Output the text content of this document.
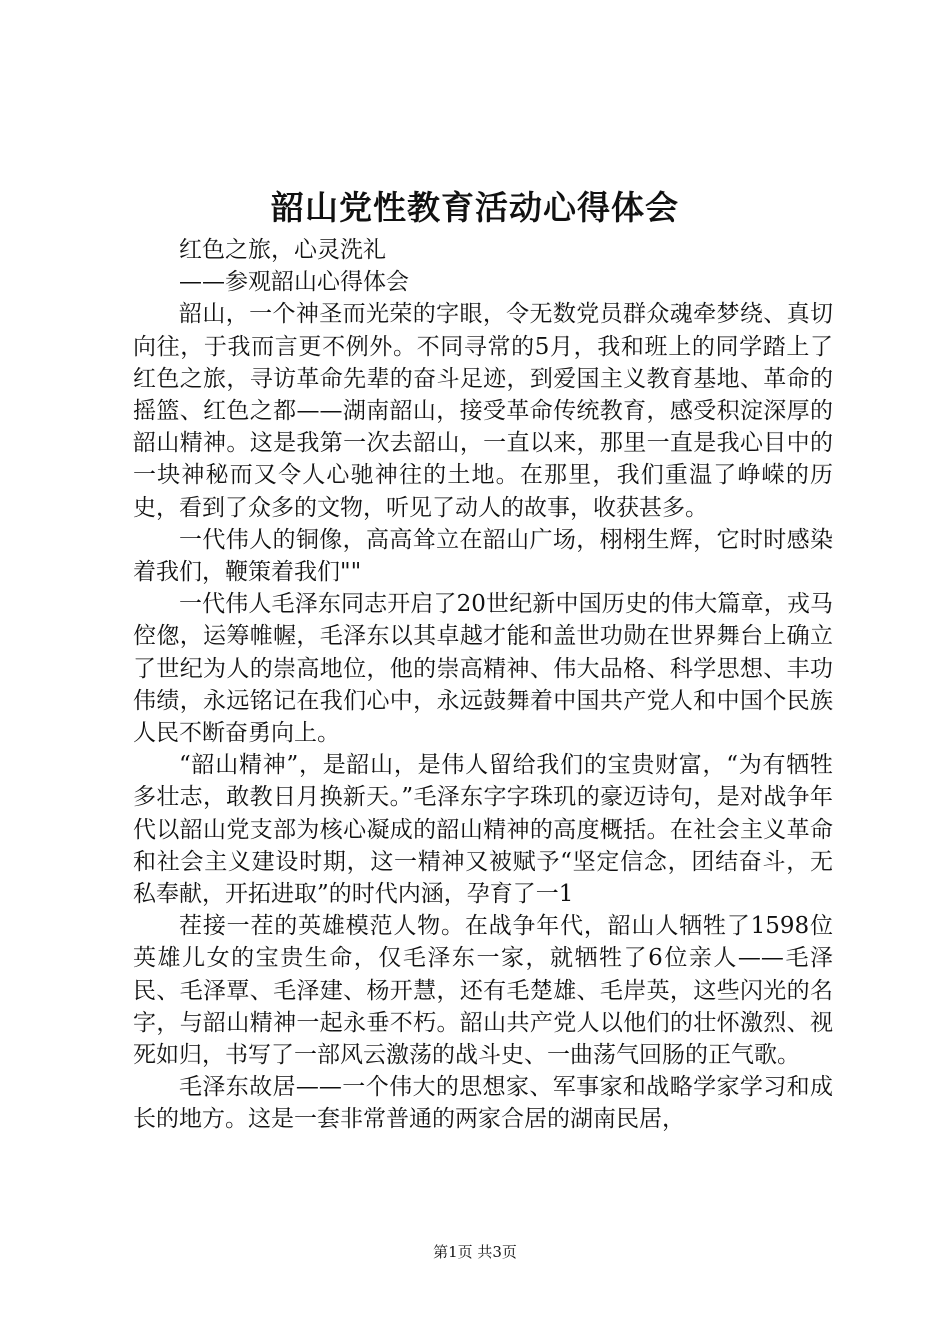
韶山党性教育活动心得体会

红色之旅，心灵洗礼

——参观韶山心得体会

韶山，一个神圣而光荣的字眼，令无数党员群众魂牵梦绕、真切向往，于我而言更不例外。不同寻常的5月，我和班上的同学踏上了红色之旅，寻访革命先辈的奋斗足迹，到爱国主义教育基地、革命的摇篮、红色之都——湖南韶山，接受革命传统教育，感受积淀深厚的韶山精神。这是我第一次去韶山，一直以来，那里一直是我心目中的一块神秘而又令人心驰神往的土地。在那里，我们重温了峥嵘的历史，看到了众多的文物，听见了动人的故事，收获甚多。

一代伟人的铜像，高高耸立在韶山广场，栩栩生辉，它时时感染着我们，鞭策着我们""

一代伟人毛泽东同志开启了20世纪新中国历史的伟大篇章，戎马倥偬，运筹帷幄，毛泽东以其卓越才能和盖世功勋在世界舞台上确立了世纪为人的崇高地位，他的崇高精神、伟大品格、科学思想、丰功伟绩，永远铭记在我们心中，永远鼓舞着中国共产党人和中国个民族人民不断奋勇向上。

“韶山精神”，是韶山，是伟人留给我们的宝贵财富，“为有牺牲多壮志，敢教日月换新天。”毛泽东字字珠玑的豪迈诗句，是对战争年代以韶山党支部为核心凝成的韶山精神的高度概括。在社会主义革命和社会主义建设时期，这一精神又被赋予“坚定信念，团结奋斗，无私奉献，开拓进取”的时代内涵，孕育了一1

茬接一茬的英雄模范人物。在战争年代，韶山人牺牲了1598位英雄儿女的宝贵生命，仅毛泽东一家，就牺牲了6位亲人——毛泽民、毛泽覃、毛泽建、杨开慧，还有毛楚雄、毛岸英，这些闪光的名字，与韶山精神一起永垂不朽。韶山共产党人以他们的壮怀激烈、视死如归，书写了一部风云激荡的战斗史、一曲荡气回肠的正气歌。

毛泽东故居——一个伟大的思想家、军事家和战略学家学习和成长的地方。这是一套非常普通的两家合居的湖南民居，

第1页 共3页
